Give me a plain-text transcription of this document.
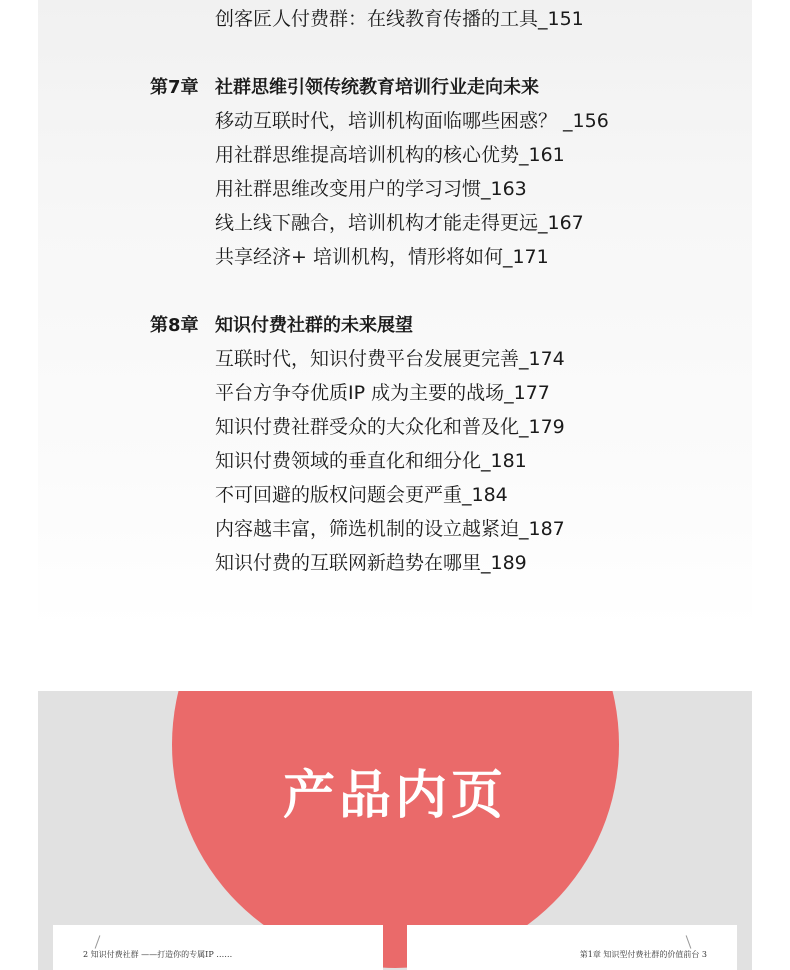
创客匠人付费群：在线教育传播的工具_151
第7章 社群思维引领传统教育培训行业走向未来
移动互联时代，培训机构面临哪些困惑？ _156
用社群思维提高培训机构的核心优势_161
用社群思维改变用户的学习习惯_163
线上线下融合，培训机构才能走得更远_167
共享经济+ 培训机构，情形将如何_171
第8章 知识付费社群的未来展望
互联时代，知识付费平台发展更完善_174
平台方争夺优质IP 成为主要的战场_177
知识付费社群受众的大众化和普及化_179
知识付费领域的垂直化和细分化_181
不可回避的版权问题会更严重_184
内容越丰富，筛选机制的设立越紧迫_187
知识付费的互联网新趋势在哪里_189
产品内页
2 知识付费社群 ——打造你的专属IP ……	第1章 知识型付费社群的价值前台 3
